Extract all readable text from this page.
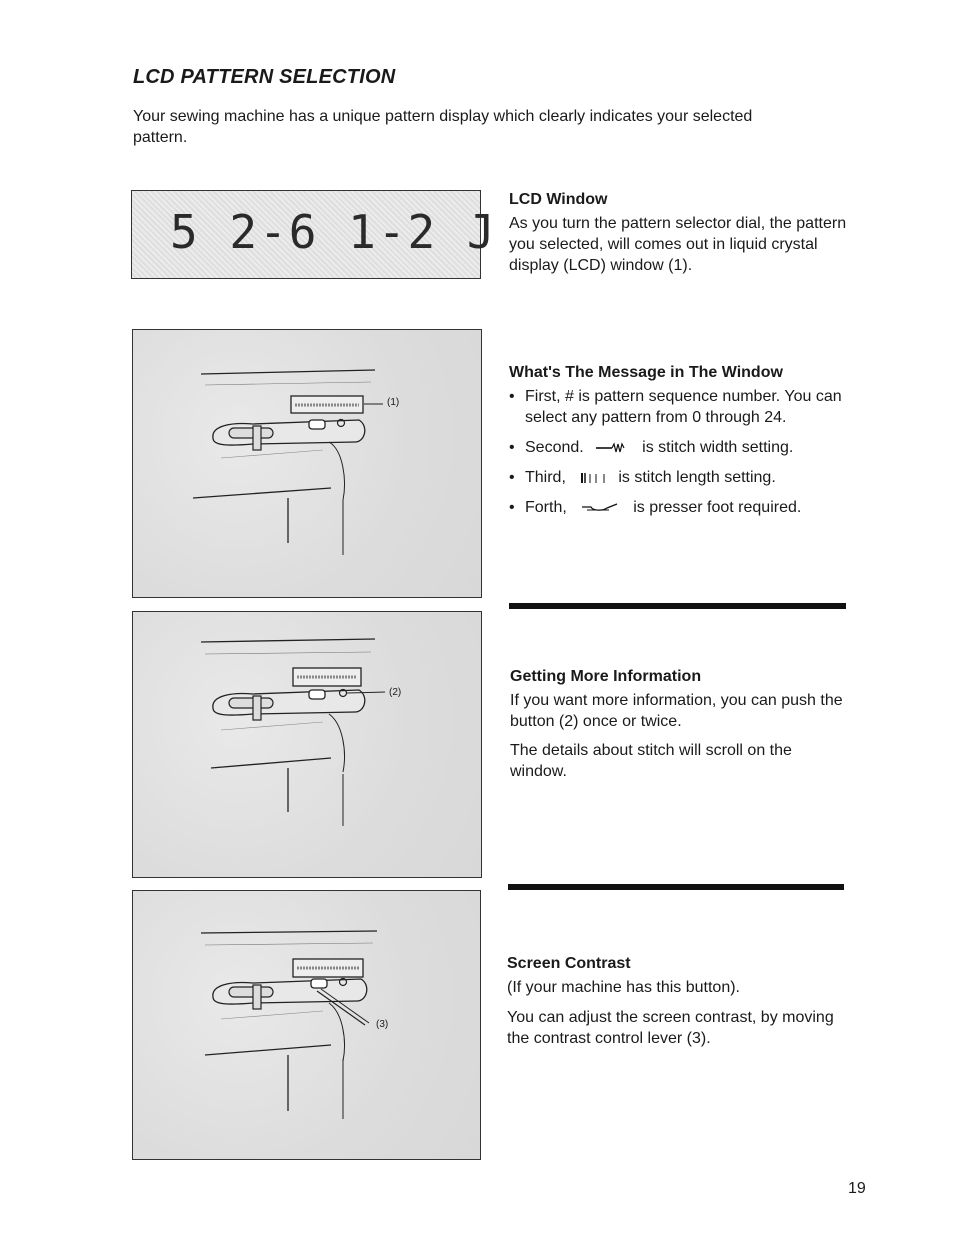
LCD PATTERN SELECTION

Your sewing machine has a unique pattern display which clearly indicates your selected pattern.

5 2-6 1-2 J
LCD Window

As you turn the pattern selector dial, the pattern you selected, will comes out in liquid crystal display (LCD) window (1).

(1)
What's The Message in The Window

• First, # is pattern sequence number. You can select any pattern from 0 through 24.

• Second.	is stitch width setting.

• Third,	is stitch length setting.

• Forth,	is presser foot required.

(2)
Getting More Information

If you want more information, you can push the button (2) once or twice.

The details about stitch will scroll on the window.

(3)
Screen Contrast

(If your machine has this button).

You can adjust the screen contrast, by moving the contrast control lever (3).

19
